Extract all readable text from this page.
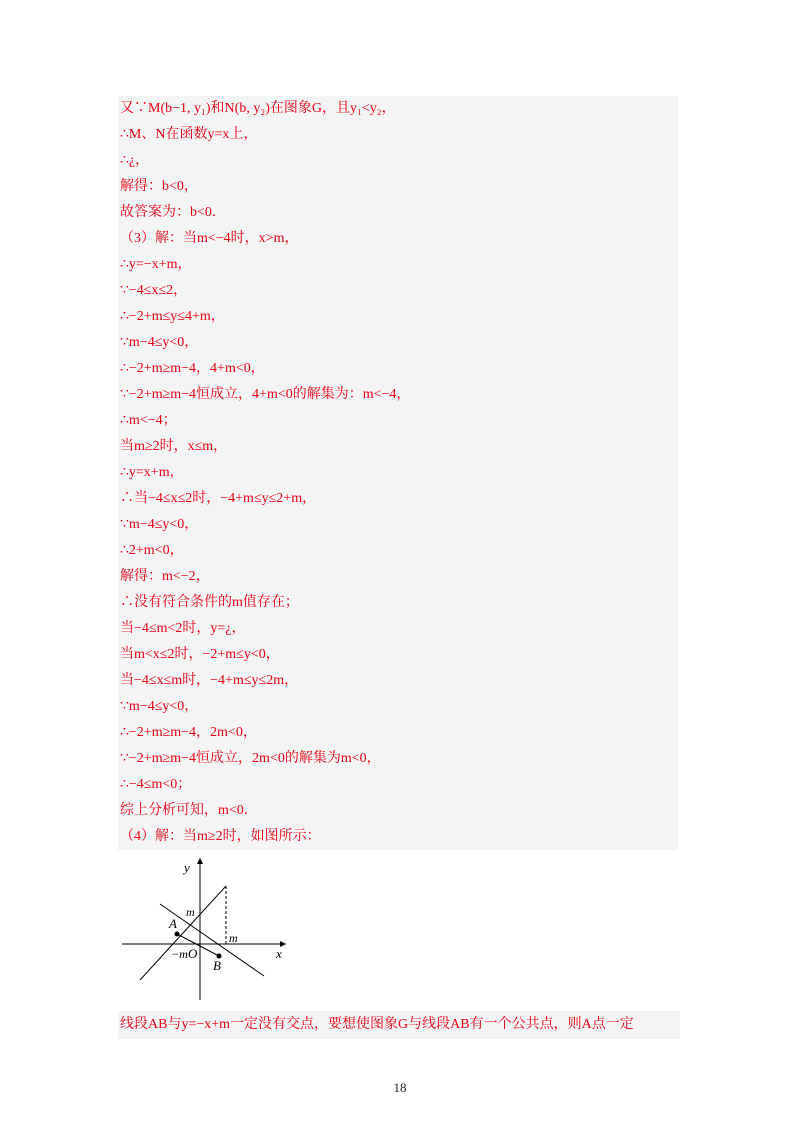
又∵M(b−1, y₁)和N(b, y₂)在图象G，且y₁<y₂，
∴M、N在函数y=x上，
∴¿，
解得：b<0，
故答案为：b<0．
（3）解：当m<−4时，x>m，
∴y=−x+m，
∵−4≤x≤2，
∴−2+m≤y≤4+m，
∵m−4≤y<0，
∴−2+m≥m−4，4+m<0，
∵−2+m≥m−4恒成立，4+m<0的解集为：m<−4，
∴m<−4；
当m≥2时，x≤m，
∴y=x+m，
∴当−4≤x≤2时，−4+m≤y≤2+m，
∵m−4≤y<0，
∴2+m<0，
解得：m<−2，
∴没有符合条件的m值存在；
当−4≤m<2时，y=¿，
当m<x≤2时，−2+m≤y<0，
当−4≤x≤m时，−4+m≤y≤2m，
∵m−4≤y<0，
∴−2+m≥m−4，2m<0，
∵−2+m≥m−4恒成立，2m<0的解集为m<0，
∴−4≤m<0；
综上分析可知，m<0．
（4）解：当m≥2时，如图所示：
y
x
m
m
A
−m O
B
线段AB与y=−x+m一定没有交点，要想使图象G与线段AB有一个公共点，则A点一定
18
